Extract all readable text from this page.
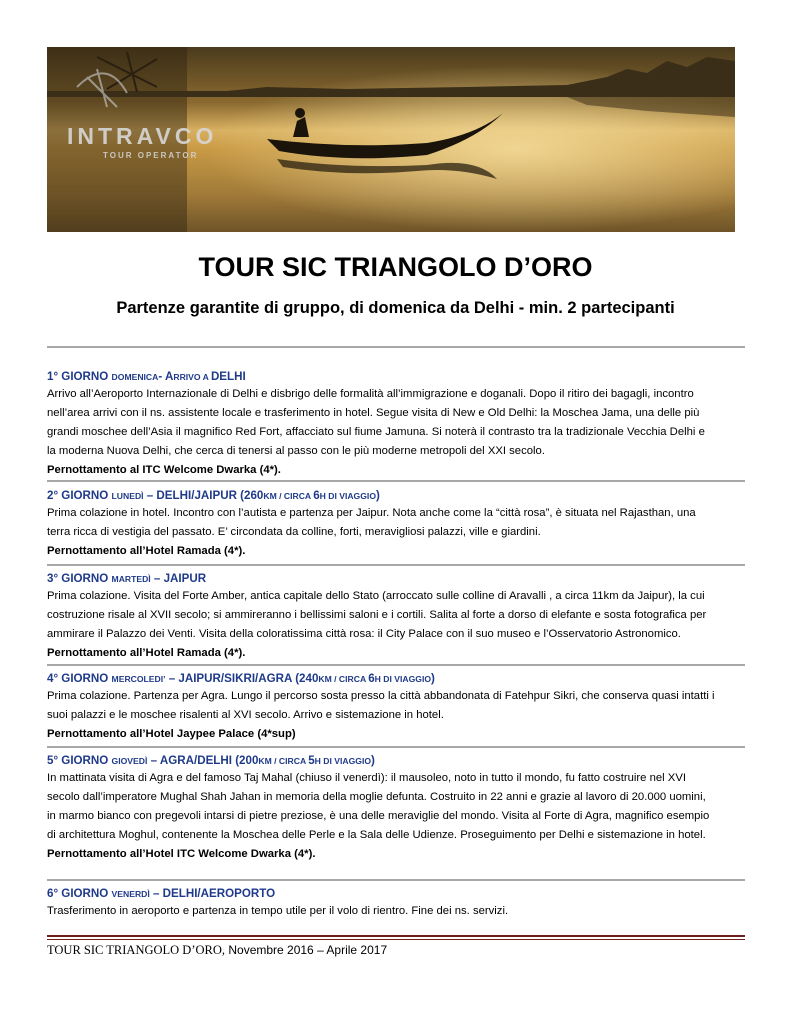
INTRAVCO
TOUR OPERATOR
TOUR SIC TRIANGOLO D’ORO
Partenze garantite di gruppo, di domenica da Delhi - min. 2 partecipanti
1° GIORNO DOMENICA- ARRIVO A DELHI

Arrivo all’Aeroporto Internazionale di Delhi e disbrigo delle formalità all’immigrazione e doganali. Dopo il ritiro dei bagagli, incontro

nell’area arrivi con il ns. assistente locale e trasferimento in hotel. Segue visita di New e Old Delhi: la Moschea Jama, una delle più

grandi moschee dell’Asia il magnifico Red Fort, affacciato sul fiume Jamuna. Si noterà il contrasto tra la tradizionale Vecchia Delhi e

la moderna Nuova Delhi, che cerca di tenersi al passo con le più moderne metropoli del XXI secolo.

Pernottamento al ITC Welcome Dwarka (4*).
2° GIORNO LUNEDÌ – DELHI/JAIPUR (260KM / CIRCA 6H DI VIAGGIO)

Prima colazione in hotel. Incontro con l’autista e partenza per Jaipur. Nota anche come la “città rosa”, è situata nel Rajasthan, una

terra ricca di vestigia del passato. E’ circondata da colline, forti, meravigliosi palazzi, ville e giardini.

Pernottamento all’Hotel Ramada (4*).
3° GIORNO MARTEDÌ – JAIPUR

Prima colazione. Visita del Forte Amber, antica capitale dello Stato (arroccato sulle colline di Aravalli , a circa 11km da Jaipur), la cui

costruzione risale al XVII secolo; si ammireranno i bellissimi saloni e i cortili. Salita al forte a dorso di elefante e sosta fotografica per

ammirare il Palazzo dei Venti. Visita della coloratissima città rosa: il City Palace con il suo museo e l’Osservatorio Astronomico.

Pernottamento all’Hotel Ramada (4*).
4° GIORNO MERCOLEDI’ – JAIPUR/SIKRI/AGRA (240KM / CIRCA 6H DI VIAGGIO)

Prima colazione. Partenza per Agra. Lungo il percorso sosta presso la città abbandonata di Fatehpur Sikri, che conserva quasi intatti i

suoi palazzi e le moschee risalenti al XVI secolo. Arrivo e sistemazione in hotel.

Pernottamento all’Hotel Jaypee Palace (4*sup)
5° GIORNO GIOVEDÌ – AGRA/DELHI (200KM / CIRCA 5H DI VIAGGIO)

In mattinata visita di Agra e del famoso Taj Mahal (chiuso il venerdì): il mausoleo, noto in tutto il mondo, fu fatto costruire nel XVI

secolo dall’imperatore Mughal Shah Jahan in memoria della moglie defunta. Costruito in 22 anni e grazie al lavoro di 20.000 uomini,

in marmo bianco con pregevoli intarsi di pietre preziose, è una delle meraviglie del mondo. Visita al Forte di Agra, magnifico esempio

di architettura Moghul, contenente la Moschea delle Perle e la Sala delle Udienze. Proseguimento per Delhi e sistemazione in hotel.

Pernottamento all’Hotel ITC Welcome Dwarka (4*).
6° GIORNO VENERDÌ – DELHI/AEROPORTO

Trasferimento in aeroporto e partenza in tempo utile per il volo di rientro. Fine dei ns. servizi.

TOUR SIC TRIANGOLO D’ORO, Novembre 2016 – Aprile 2017
